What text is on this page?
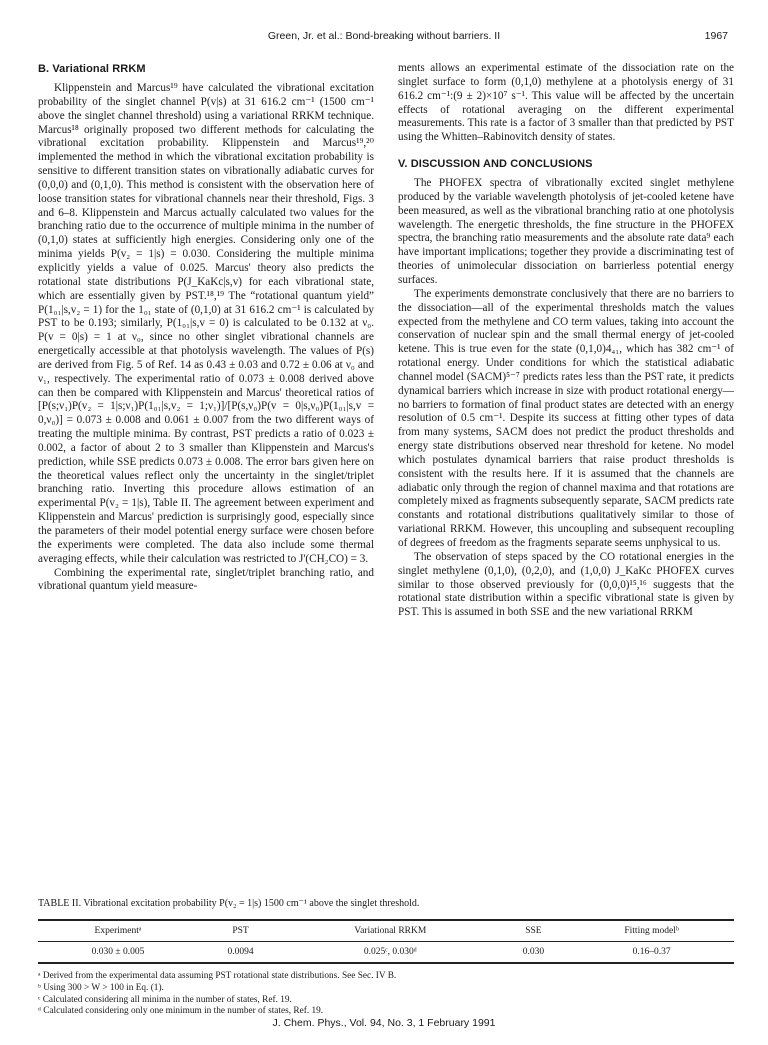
Green, Jr. et al.: Bond-breaking without barriers. II	1967
B. Variational RRKM

Klippenstein and Marcus¹⁹ have calculated the vibrational excitation probability of the singlet channel P(v|s) at 31 616.2 cm⁻¹ (1500 cm⁻¹ above the singlet channel threshold) using a variational RRKM technique. Marcus¹⁸ originally proposed two different methods for calculating the vibrational excitation probability. Klippenstein and Marcus¹⁹,²⁰ implemented the method in which the vibrational excitation probability is sensitive to different transition states on vibrationally adiabatic curves for (0,0,0) and (0,1,0). This method is consistent with the observation here of loose transition states for vibrational channels near their threshold, Figs. 3 and 6–8. Klippenstein and Marcus actually calculated two values for the branching ratio due to the occurrence of multiple minima in the number of (0,1,0) states at sufficiently high energies. Considering only one of the minima yields P(v₂ = 1|s) = 0.030. Considering the multiple minima explicitly yields a value of 0.025. Marcus' theory also predicts the rotational state distributions P(J_KaKc|s,v) for each vibrational state, which are essentially given by PST.¹⁸,¹⁹ The “rotational quantum yield” P(1₀₁|s,v₂ = 1) for the 1₀₁ state of (0,1,0) at 31 616.2 cm⁻¹ is calculated by PST to be 0.193; similarly, P(1₀₁|s,v = 0) is calculated to be 0.132 at ν₀. P(v = 0|s) = 1 at ν₀, since no other singlet vibrational channels are energetically accessible at that photolysis wavelength. The values of P(s) are derived from Fig. 5 of Ref. 14 as 0.43 ± 0.03 and 0.72 ± 0.06 at ν₀ and ν₁, respectively. The experimental ratio of 0.073 ± 0.008 derived above can then be compared with Klippenstein and Marcus' theoretical ratios of [P(s;ν₁)P(v₂ = 1|s;ν₁)P(1₀₁|s,v₂ = 1;ν₁)]/[P(s,ν₀)P(v = 0|s,ν₀)P(1₀₁|s,v = 0,ν₀)] = 0.073 ± 0.008 and 0.061 ± 0.007 from the two different ways of treating the multiple minima. By contrast, PST predicts a ratio of 0.023 ± 0.002, a factor of about 2 to 3 smaller than Klippenstein and Marcus's prediction, while SSE predicts 0.073 ± 0.008. The error bars given here on the theoretical values reflect only the uncertainty in the singlet/triplet branching ratio. Inverting this procedure allows estimation of an experimental P(v₂ = 1|s), Table II. The agreement between experiment and Klippenstein and Marcus' prediction is surprisingly good, especially since the parameters of their model potential energy surface were chosen before the experiments were completed. The data also include some thermal averaging effects, while their calculation was restricted to J'(CH₂CO) = 3.

Combining the experimental rate, singlet/triplet branching ratio, and vibrational quantum yield measure-

ments allows an experimental estimate of the dissociation rate on the singlet surface to form (0,1,0) methylene at a photolysis energy of 31 616.2 cm⁻¹:(9 ± 2)×10⁷ s⁻¹. This value will be affected by the uncertain effects of rotational averaging on the different experimental measurements. This rate is a factor of 3 smaller than that predicted by PST using the Whitten–Rabinovitch density of states.

V. DISCUSSION AND CONCLUSIONS

The PHOFEX spectra of vibrationally excited singlet methylene produced by the variable wavelength photolysis of jet-cooled ketene have been measured, as well as the vibrational branching ratio at one photolysis wavelength. The energetic thresholds, the fine structure in the PHOFEX spectra, the branching ratio measurements and the absolute rate data⁹ each have important implications; together they provide a discriminating test of theories of unimolecular dissociation on barrierless potential energy surfaces.

The experiments demonstrate conclusively that there are no barriers to the dissociation—all of the experimental thresholds match the values expected from the methylene and CO term values, taking into account the conservation of nuclear spin and the small thermal energy of jet-cooled ketene. This is true even for the state (0,1,0)4₄₁, which has 382 cm⁻¹ of rotational energy. Under conditions for which the statistical adiabatic channel model (SACM)⁵⁻⁷ predicts rates less than the PST rate, it predicts dynamical barriers which increase in size with product rotational energy—no barriers to formation of final product states are detected with an energy resolution of 0.5 cm⁻¹. Despite its success at fitting other types of data from many systems, SACM does not predict the product thresholds and energy state distributions observed near threshold for ketene. No model which postulates dynamical barriers that raise product thresholds is consistent with the results here. If it is assumed that the channels are adiabatic only through the region of channel maxima and that rotations are completely mixed as fragments subsequently separate, SACM predicts rate constants and rotational distributions qualitatively similar to those of variational RRKM. However, this uncoupling and subsequent recoupling of degrees of freedom as the fragments separate seems unphysical to us.

The observation of steps spaced by the CO rotational energies in the singlet methylene (0,1,0), (0,2,0), and (1,0,0) J_KaKc PHOFEX curves similar to those observed previously for (0,0,0)¹⁵,¹⁶ suggests that the rotational state distribution within a specific vibrational state is given by PST. This is assumed in both SSE and the new variational RRKM

TABLE II. Vibrational excitation probability P(v₂ = 1|s) 1500 cm⁻¹ above the singlet threshold.
Experimentᵃ	PST	Variational RRKM	SSE	Fitting modelᵇ
0.030 ± 0.005	0.0094	0.025ᶜ, 0.030ᵈ	0.030	0.16–0.37
ᵃ Derived from the experimental data assuming PST rotational state distributions. See Sec. IV B.
ᵇ Using 300 > W > 100 in Eq. (1).
ᶜ Calculated considering all minima in the number of states, Ref. 19.
ᵈ Calculated considering only one minimum in the number of states, Ref. 19.
J. Chem. Phys., Vol. 94, No. 3, 1 February 1991
